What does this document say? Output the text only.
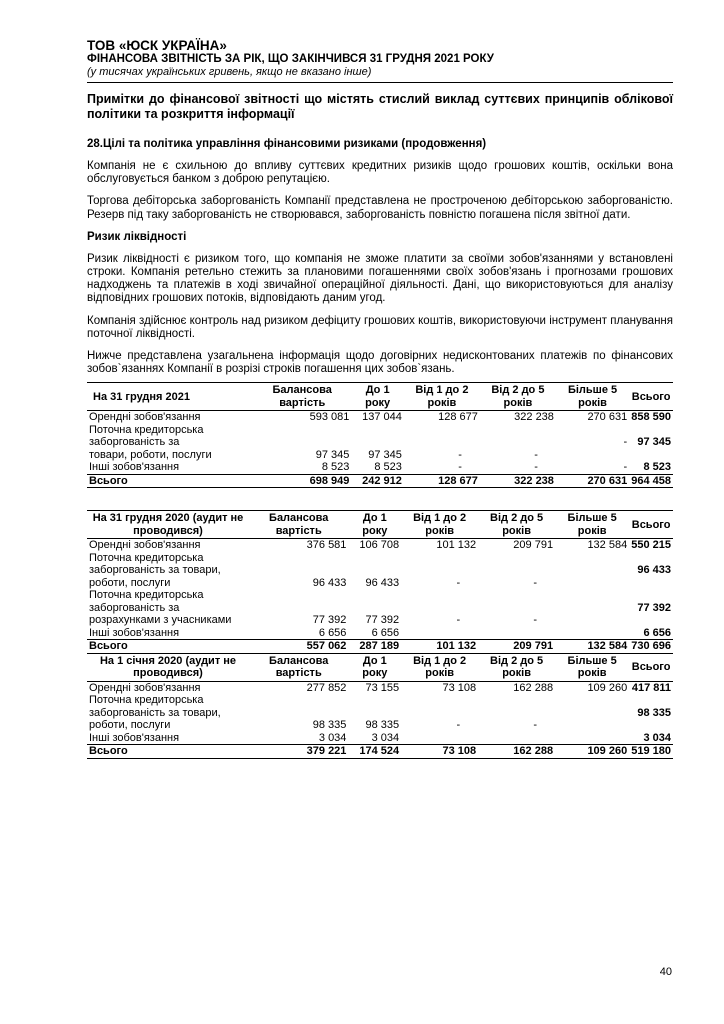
ТОВ «ЮСК УКРАЇНА»
ФІНАНСОВА ЗВІТНІСТЬ ЗА РІК, ЩО ЗАКІНЧИВСЯ 31 ГРУДНЯ 2021 РОКУ
(у тисячах українських гривень, якщо не вказано інше)
Примітки до фінансової звітності що містять стислий виклад суттєвих принципів облікової політики та розкриття інформації
28.Цілі та політика управління фінансовими ризиками (продовження)
Компанія не є схильною до впливу суттєвих кредитних ризиків щодо грошових коштів, оскільки вона обслуговується банком з доброю репутацією.
Торгова дебіторська заборгованість Компанії представлена не простроченою дебіторською заборгованістю. Резерв під таку заборгованість не створювався, заборгованість повністю погашена після звітної дати.
Ризик ліквідності
Ризик ліквідності є ризиком того, що компанія не зможе платити за своїми зобов'язаннями у встановлені строки. Компанія ретельно стежить за плановими погашеннями своїх зобов'язань і прогнозами грошових надходжень та платежів в ході звичайної операційної діяльності. Дані, що використовуються для аналізу відповідних грошових потоків, відповідають даним угод.
Компанія здійснює контроль над ризиком дефіциту грошових коштів, використовуючи інструмент планування поточної ліквідності.
Нижче представлена узагальнена інформація щодо договірних недисконтованих платежів по фінансових зобов`язаннях Компанії в розрізі строків погашення цих зобов`язань.
На 31 грудня 2021	Балансова вартість	До 1 року	Від 1 до 2 років	Від 2 до 5 років	Більше 5 років	Всього
Орендні зобов'язання	593 081	137 044	128 677	322 238	270 631	858 590
Поточна кредиторська
заборгованість за
товари, роботи, послуги	97 345	97 345	-	-	-	97 345
Інші зобов'язання	8 523	8 523	-	-	-	8 523
Всього	698 949	242 912	128 677	322 238	270 631	964 458
На 31 грудня 2020 (аудит не проводився)	Балансова вартість	До 1 року	Від 1 до 2 років	Від 2 до 5 років	Більше 5 років	Всього
Орендні зобов'язання	376 581	106 708	101 132	209 791	132 584	550 215
Поточна кредиторська
заборгованість за товари,
роботи, послуги	96 433	96 433	-	-		96 433
Поточна кредиторська
заборгованість за
розрахунками з учасниками	77 392	77 392	-	-		77 392
Інші зобов'язання	6 656	6 656				6 656
Всього	557 062	287 189	101 132	209 791	132 584	730 696
На 1 січня 2020 (аудит не проводився)	Балансова вартість	До 1 року	Від 1 до 2 років	Від 2 до 5 років	Більше 5 років	Всього
Орендні зобов'язання	277 852	73 155	73 108	162 288	109 260	417 811
Поточна кредиторська
заборгованість за товари,
роботи, послуги	98 335	98 335	-	-		98 335
Інші зобов'язання	3 034	3 034				3 034
Всього	379 221	174 524	73 108	162 288	109 260	519 180
40
